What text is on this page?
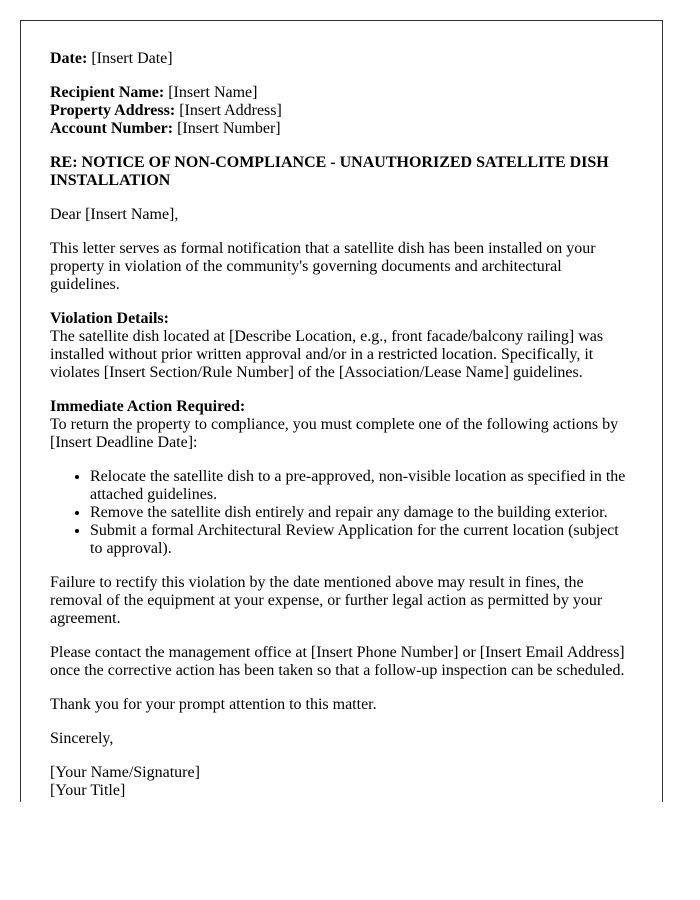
Date: [Insert Date]

Recipient Name: [Insert Name]
Property Address: [Insert Address]
Account Number: [Insert Number]

RE: NOTICE OF NON-COMPLIANCE - UNAUTHORIZED SATELLITE DISH INSTALLATION

Dear [Insert Name],

This letter serves as formal notification that a satellite dish has been installed on your property in violation of the community's governing documents and architectural guidelines.

Violation Details:
The satellite dish located at [Describe Location, e.g., front facade/balcony railing] was installed without prior written approval and/or in a restricted location. Specifically, it violates [Insert Section/Rule Number] of the [Association/Lease Name] guidelines.

Immediate Action Required:
To return the property to compliance, you must complete one of the following actions by [Insert Deadline Date]:

• Relocate the satellite dish to a pre-approved, non-visible location as specified in the attached guidelines.
• Remove the satellite dish entirely and repair any damage to the building exterior.
• Submit a formal Architectural Review Application for the current location (subject to approval).

Failure to rectify this violation by the date mentioned above may result in fines, the removal of the equipment at your expense, or further legal action as permitted by your agreement.

Please contact the management office at [Insert Phone Number] or [Insert Email Address] once the corrective action has been taken so that a follow-up inspection can be scheduled.

Thank you for your prompt attention to this matter.

Sincerely,

[Your Name/Signature]
[Your Title]
